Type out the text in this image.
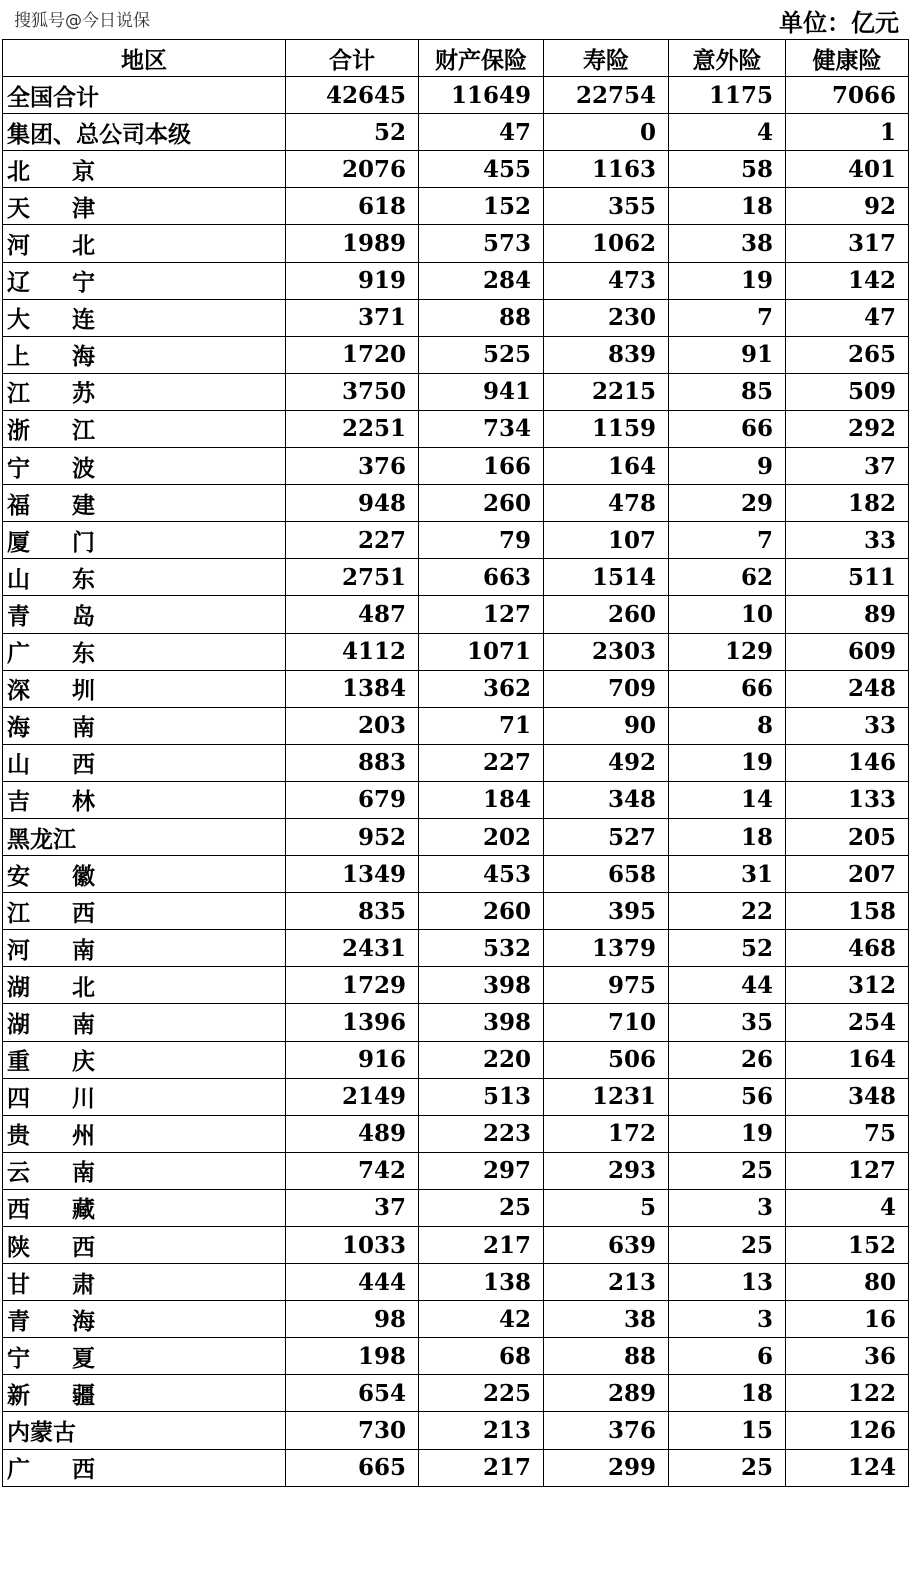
搜狐号@今日说保	单位：亿元
地区	合计	财产保险	寿险	意外险	健康险
全国合计	42645	11649	22754	1175	7066
集团、总公司本级	52	47	0	4	1
北京	2076	455	1163	58	401
天津	618	152	355	18	92
河北	1989	573	1062	38	317
辽宁	919	284	473	19	142
大连	371	88	230	7	47
上海	1720	525	839	91	265
江苏	3750	941	2215	85	509
浙江	2251	734	1159	66	292
宁波	376	166	164	9	37
福建	948	260	478	29	182
厦门	227	79	107	7	33
山东	2751	663	1514	62	511
青岛	487	127	260	10	89
广东	4112	1071	2303	129	609
深圳	1384	362	709	66	248
海南	203	71	90	8	33
山西	883	227	492	19	146
吉林	679	184	348	14	133
黑龙江	952	202	527	18	205
安徽	1349	453	658	31	207
江西	835	260	395	22	158
河南	2431	532	1379	52	468
湖北	1729	398	975	44	312
湖南	1396	398	710	35	254
重庆	916	220	506	26	164
四川	2149	513	1231	56	348
贵州	489	223	172	19	75
云南	742	297	293	25	127
西藏	37	25	5	3	4
陕西	1033	217	639	25	152
甘肃	444	138	213	13	80
青海	98	42	38	3	16
宁夏	198	68	88	6	36
新疆	654	225	289	18	122
内蒙古	730	213	376	15	126
广西	665	217	299	25	124
